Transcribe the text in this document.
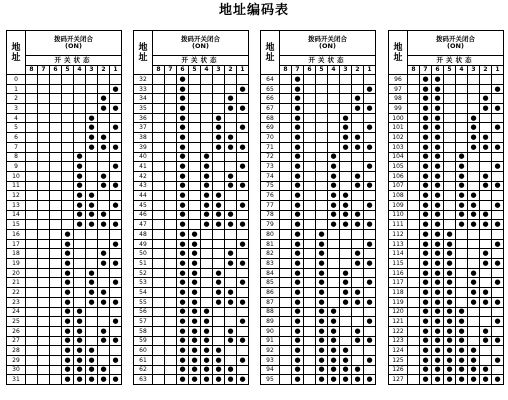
地址编码表
地
址	拨码开关闭合
(ON)							
	开关状态							
	8	7	6	5	4	3	2	1
0								
1								●
2							●	
3							●	●
4						●		
5						●		●
6						●	●	
7						●	●	●
8					●			
9					●			●
10					●		●	
11					●		●	●
12					●	●		
13					●	●		●
14					●	●	●	
15					●	●	●	●
16				●				
17				●				●
18				●			●	
19				●			●	●
20				●		●		
21				●		●		●
22				●		●	●	
23				●		●	●	●
24				●	●			
25				●	●			●
26				●	●		●	
27				●	●		●	●
28				●	●	●		
29				●	●	●		●
30				●	●	●	●	
31				●	●	●	●	●
地
址	拨码开关闭合
(ON)							
	开关状态							
	8	7	6	5	4	3	2	1
32			●					
33			●					●
34			●				●	
35			●				●	●
36			●			●		
37			●			●		●
38			●			●	●	
39			●			●	●	●
40			●		●			
41			●		●			●
42			●		●		●	
43			●		●		●	●
44			●		●	●		
45			●		●	●		●
46			●		●	●	●	
47			●		●	●	●	●
48			●	●				
49			●	●				●
50			●	●			●	
51			●	●			●	●
52			●	●		●		
53			●	●		●		●
54			●	●		●	●	
55			●	●		●	●	●
56			●	●	●			
57			●	●	●			●
58			●	●	●		●	
59			●	●	●		●	●
60			●	●	●	●		
61			●	●	●	●		●
62			●	●	●	●	●	
63			●	●	●	●	●	●
地
址	拨码开关闭合
(ON)							
	开关状态							
	8	7	6	5	4	3	2	1
64		●						
65		●						●
66		●					●	
67		●					●	●
68		●				●		
69		●				●		●
70		●				●	●	
71		●				●	●	●
72		●			●			
73		●			●			●
74		●			●		●	
75		●			●		●	●
76		●			●	●		
77		●			●	●		●
78		●			●	●	●	
79		●			●	●	●	●
80		●		●				
81		●		●				●
82		●		●			●	
83		●		●			●	●
84		●		●		●		
85		●		●		●		●
86		●		●		●	●	
87		●		●		●	●	●
88		●		●	●			
89		●		●	●			●
90		●		●	●		●	
91		●		●	●		●	●
92		●		●	●	●		
93		●		●	●	●		●
94		●		●	●	●	●	
95		●		●	●	●	●	●
地
址	拨码开关闭合
(ON)							
	开关状态							
	8	7	6	5	4	3	2	1
96		●	●					
97		●	●					●
98		●	●				●	
99		●	●				●	●
100		●	●			●		
101		●	●			●		●
102		●	●			●	●	
103		●	●			●	●	●
104		●	●		●			
105		●	●		●			●
106		●	●		●		●	
107		●	●		●		●	●
108		●	●		●	●		
109		●	●		●	●		●
110		●	●		●	●	●	
111		●	●		●	●	●	●
112		●	●	●				
113		●	●	●				●
114		●	●	●			●	
115		●	●	●			●	●
116		●	●	●		●		
117		●	●	●		●		●
118		●	●	●		●	●	
119		●	●	●		●	●	●
120		●	●	●	●			
121		●	●	●	●			●
122		●	●	●	●		●	
123		●	●	●	●		●	●
124		●	●	●	●	●		
125		●	●	●	●	●		●
126		●	●	●	●	●	●	
127		●	●	●	●	●	●	●
